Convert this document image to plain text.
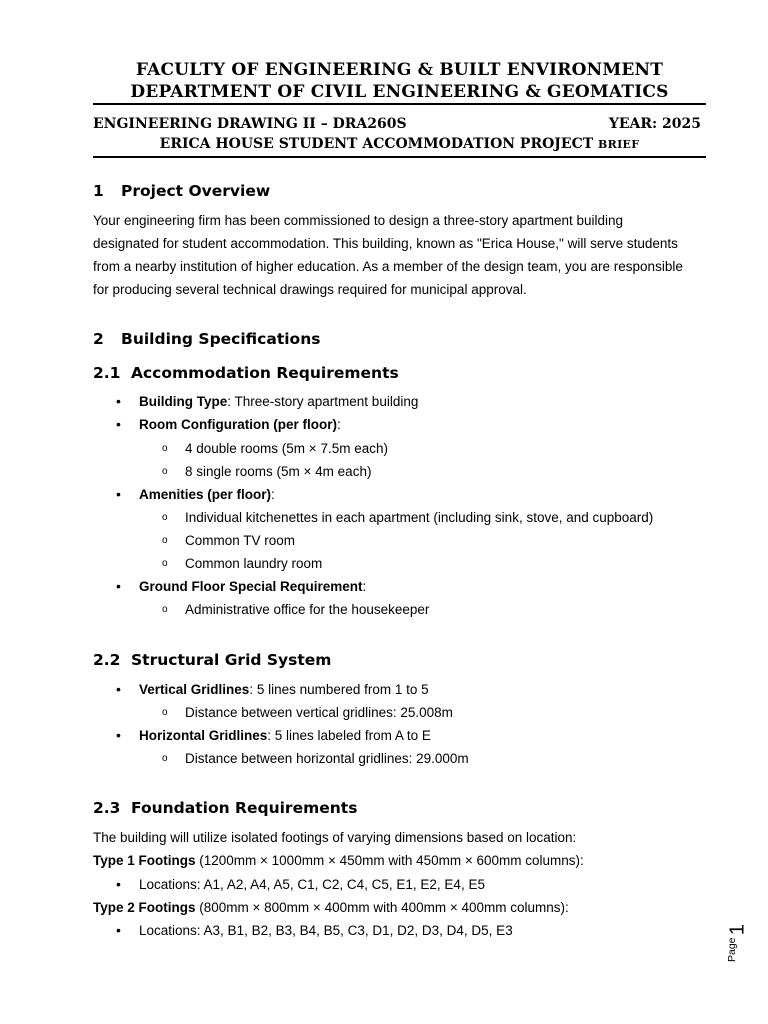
FACULTY OF ENGINEERING & BUILT ENVIRONMENT
DEPARTMENT OF CIVIL ENGINEERING & GEOMATICS
ENGINEERING DRAWING II – DRA260S	YEAR: 2025
ERICA HOUSE STUDENT ACCOMMODATION PROJECT BRIEF
1 Project Overview
Your engineering firm has been commissioned to design a three-story apartment building
designated for student accommodation. This building, known as "Erica House," will serve students
from a nearby institution of higher education. As a member of the design team, you are responsible
for producing several technical drawings required for municipal approval.
2 Building Specifications
2.1 Accommodation Requirements
• Building Type: Three-story apartment building
• Room Configuration (per floor):
o 4 double rooms (5m × 7.5m each)
o 8 single rooms (5m × 4m each)
• Amenities (per floor):
o Individual kitchenettes in each apartment (including sink, stove, and cupboard)
o Common TV room
o Common laundry room
• Ground Floor Special Requirement:
o Administrative office for the housekeeper
2.2 Structural Grid System
• Vertical Gridlines: 5 lines numbered from 1 to 5
o Distance between vertical gridlines: 25.008m
• Horizontal Gridlines: 5 lines labeled from A to E
o Distance between horizontal gridlines: 29.000m
2.3 Foundation Requirements
The building will utilize isolated footings of varying dimensions based on location:
Type 1 Footings (1200mm × 1000mm × 450mm with 450mm × 600mm columns):
• Locations: A1, A2, A4, A5, C1, C2, C4, C5, E1, E2, E4, E5
Type 2 Footings (800mm × 800mm × 400mm with 400mm × 400mm columns):
• Locations: A3, B1, B2, B3, B4, B5, C3, D1, D2, D3, D4, D5, E3	1
Page
